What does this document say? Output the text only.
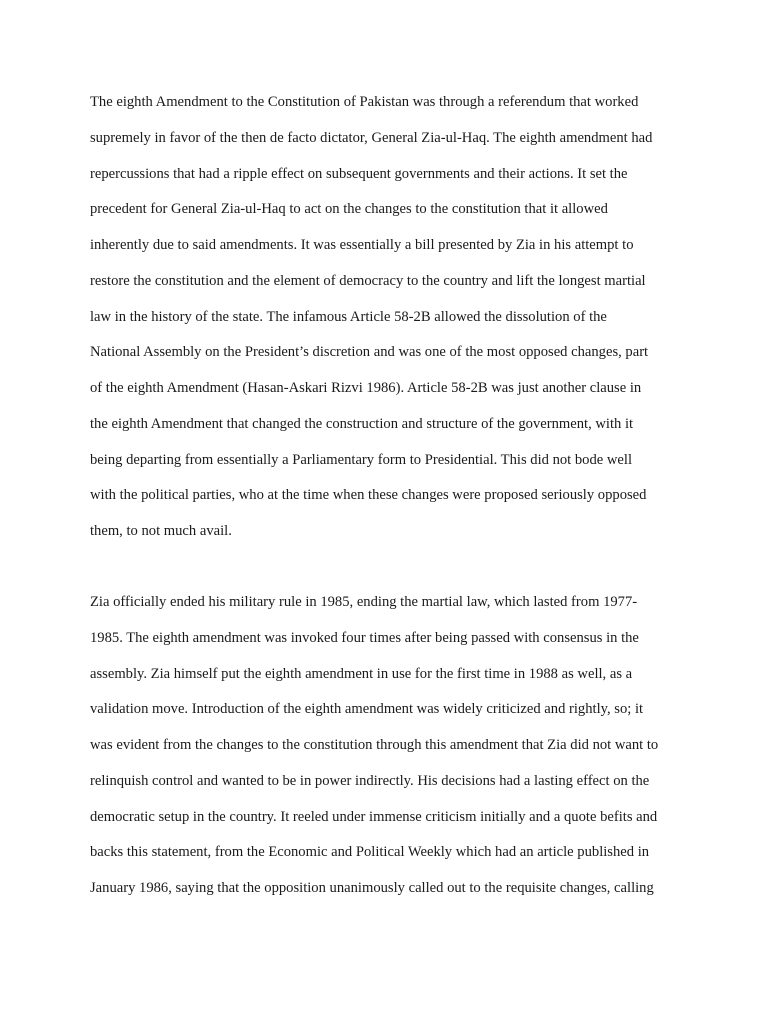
The eighth Amendment to the Constitution of Pakistan was through a referendum that worked
supremely in favor of the then de facto dictator, General Zia-ul-Haq. The eighth amendment had
repercussions that had a ripple effect on subsequent governments and their actions. It set the
precedent for General Zia-ul-Haq to act on the changes to the constitution that it allowed
inherently due to said amendments. It was essentially a bill presented by Zia in his attempt to
restore the constitution and the element of democracy to the country and lift the longest martial
law in the history of the state. The infamous Article 58-2B allowed the dissolution of the
National Assembly on the President’s discretion and was one of the most opposed changes, part
of the eighth Amendment (Hasan-Askari Rizvi 1986). Article 58-2B was just another clause in
the eighth Amendment that changed the construction and structure of the government, with it
being departing from essentially a Parliamentary form to Presidential. This did not bode well
with the political parties, who at the time when these changes were proposed seriously opposed
them, to not much avail.
Zia officially ended his military rule in 1985, ending the martial law, which lasted from 1977-
1985. The eighth amendment was invoked four times after being passed with consensus in the
assembly. Zia himself put the eighth amendment in use for the first time in 1988 as well, as a
validation move. Introduction of the eighth amendment was widely criticized and rightly, so; it
was evident from the changes to the constitution through this amendment that Zia did not want to
relinquish control and wanted to be in power indirectly. His decisions had a lasting effect on the
democratic setup in the country. It reeled under immense criticism initially and a quote befits and
backs this statement, from the Economic and Political Weekly which had an article published in
January 1986, saying that the opposition unanimously called out to the requisite changes, calling
